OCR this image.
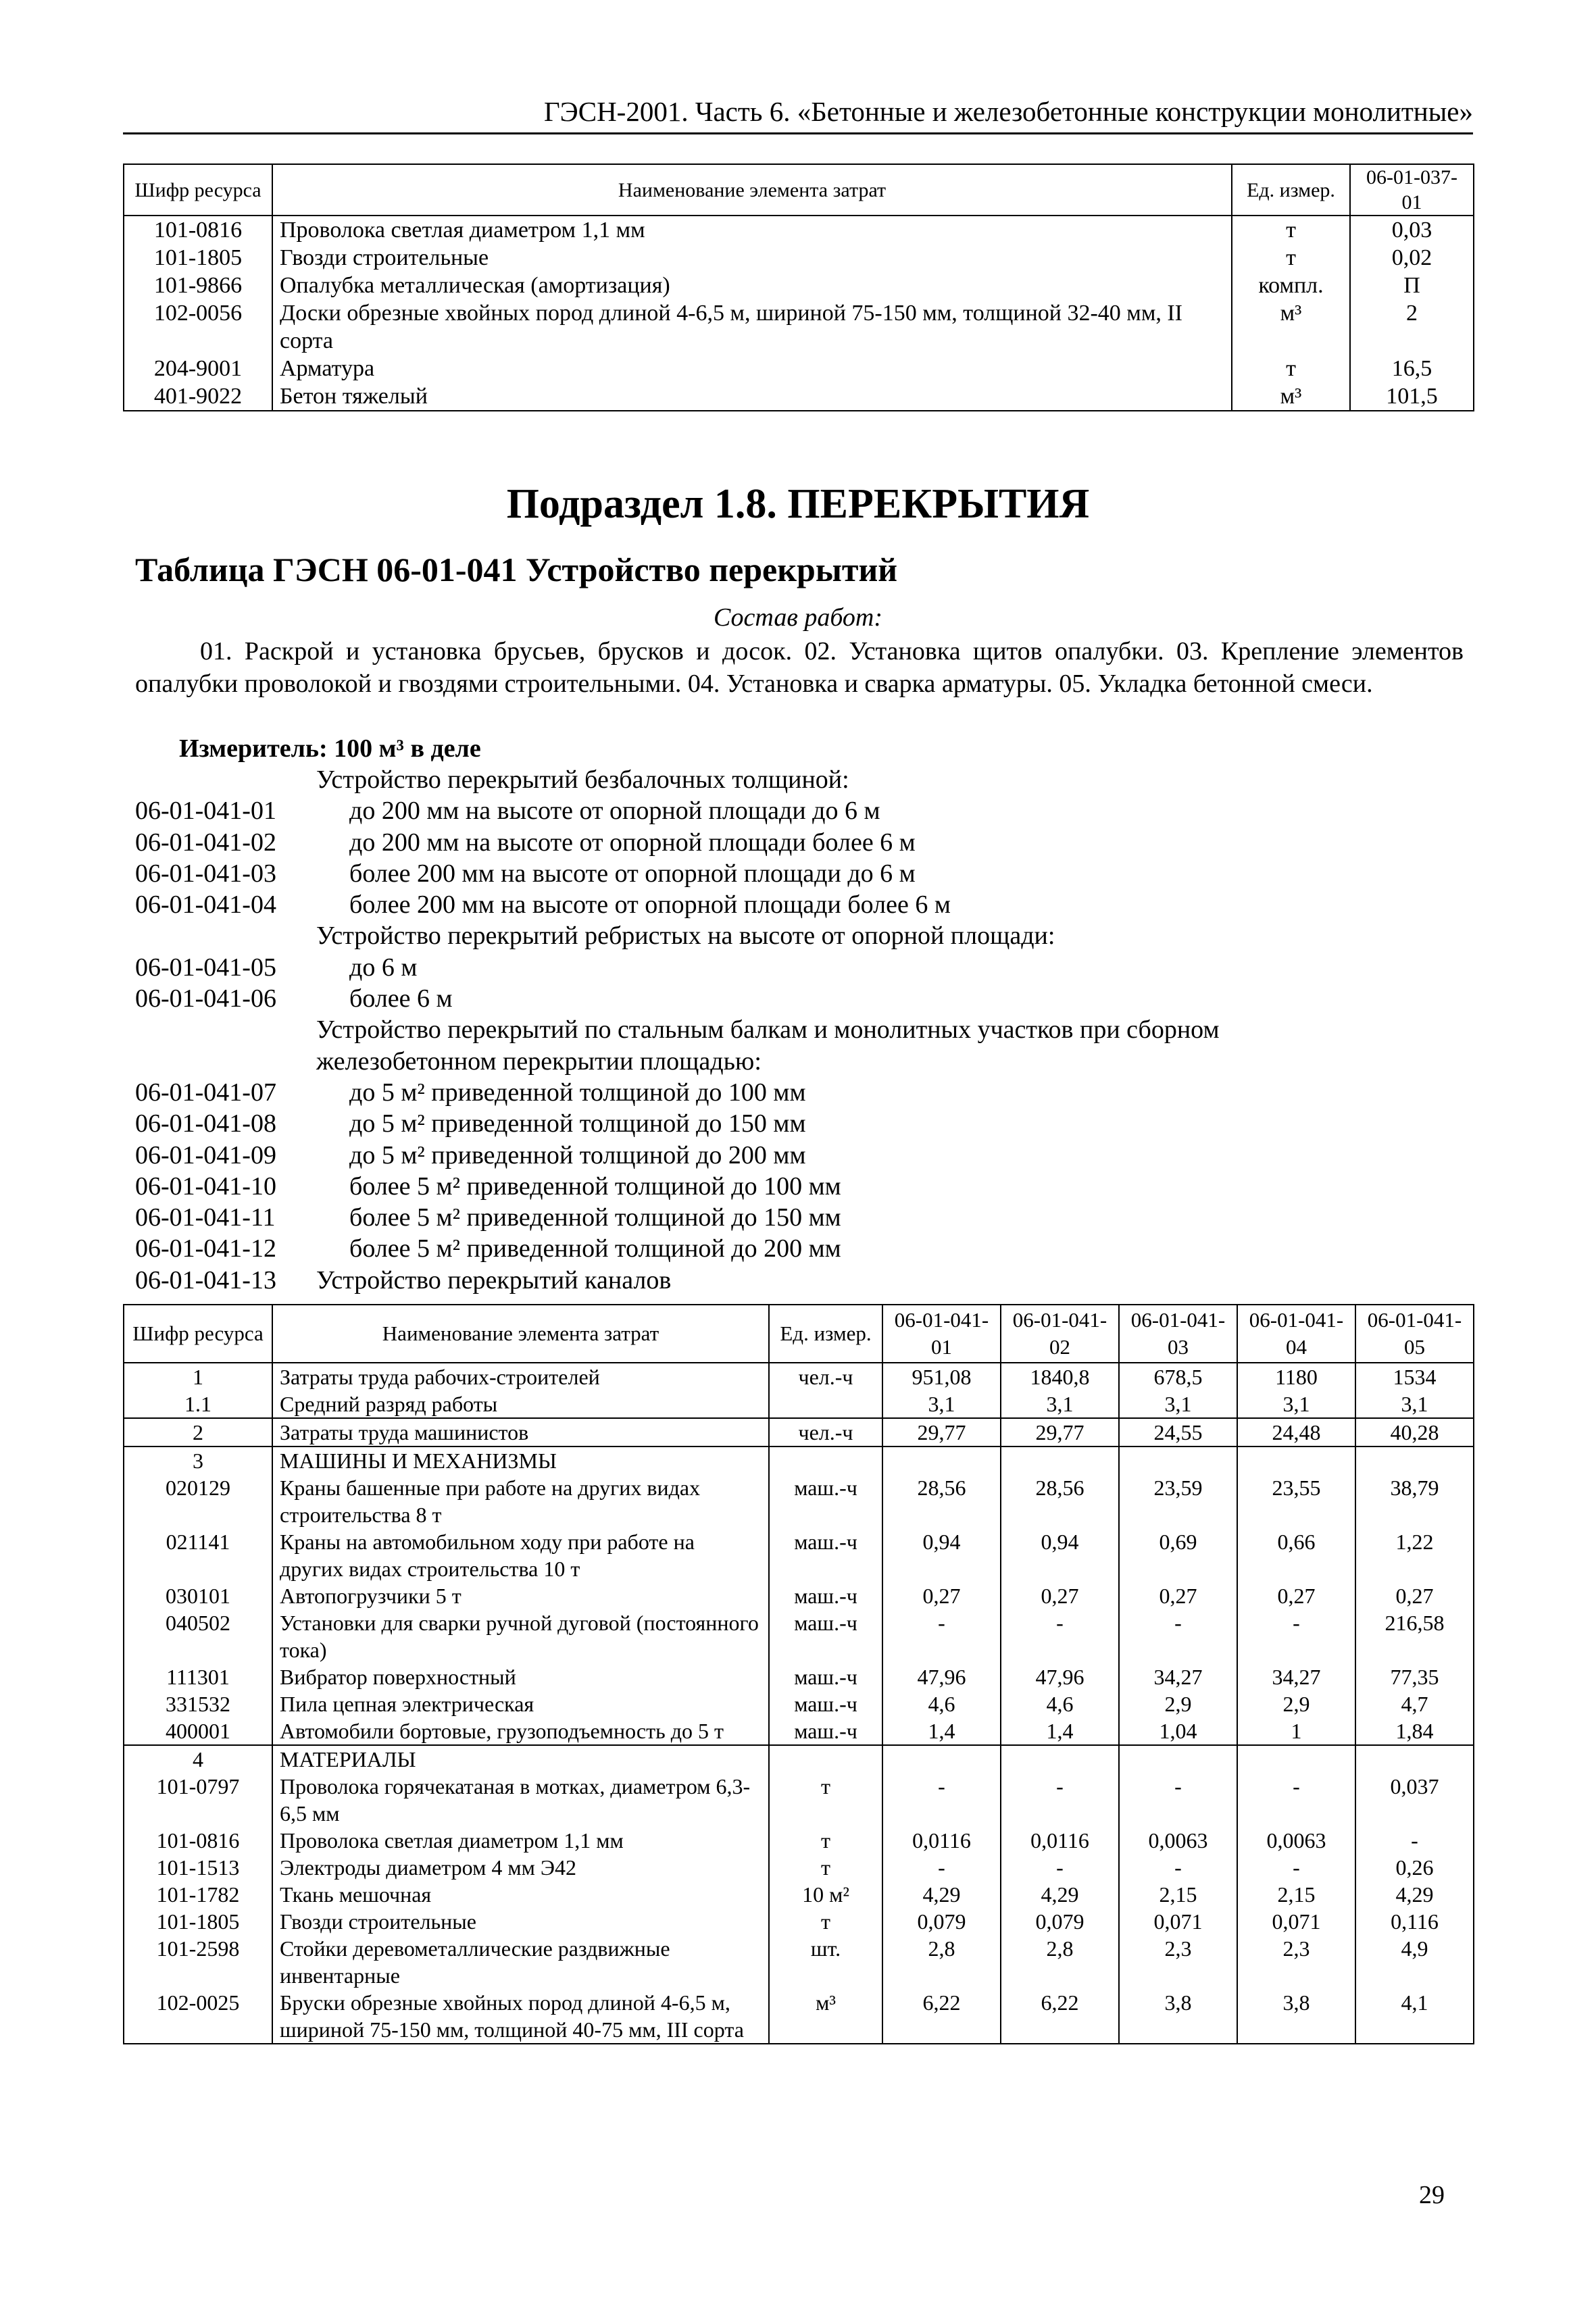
ГЭСН-2001. Часть 6. «Бетонные и железобетонные конструкции монолитные»
Шифр ресурса	Наименование элемента затрат	Ед. измер.	06-01-037-01
101-0816	Проволока светлая диаметром 1,1 мм	т	0,03
101-1805	Гвозди строительные	т	0,02
101-9866	Опалубка металлическая (амортизация)	компл.	П
102-0056	Доски обрезные хвойных пород длиной 4-6,5 м, шириной 75-150 мм, толщиной 32-40 мм, II сорта	м³	2
204-9001	Арматура	т	16,5
401-9022	Бетон тяжелый	м³	101,5
Подраздел 1.8. ПЕРЕКРЫТИЯ
Таблица ГЭСН 06-01-041 Устройство перекрытий
Состав работ:
01. Раскрой и установка брусьев, брусков и досок. 02. Установка щитов опалубки. 03. Крепление элементов опалубки проволокой и гвоздями строительными. 04. Установка и сварка арматуры. 05. Укладка бетонной смеси.
Измеритель: 100 м³ в деле
Устройство перекрытий безбалочных толщиной:
06-01-041-01	до 200 мм на высоте от опорной площади до 6 м
06-01-041-02	до 200 мм на высоте от опорной площади более 6 м
06-01-041-03	более 200 мм на высоте от опорной площади до 6 м
06-01-041-04	более 200 мм на высоте от опорной площади более 6 м
Устройство перекрытий ребристых на высоте от опорной площади:
06-01-041-05	до 6 м
06-01-041-06	более 6 м
Устройство перекрытий по стальным балкам и монолитных участков при сборном
железобетонном перекрытии площадью:
06-01-041-07	до 5 м² приведенной толщиной до 100 мм
06-01-041-08	до 5 м² приведенной толщиной до 150 мм
06-01-041-09	до 5 м² приведенной толщиной до 200 мм
06-01-041-10	более 5 м² приведенной толщиной до 100 мм
06-01-041-11	более 5 м² приведенной толщиной до 150 мм
06-01-041-12	более 5 м² приведенной толщиной до 200 мм
06-01-041-13	Устройство перекрытий каналов
Шифр ресурса	Наименование элемента затрат	Ед. измер.	06-01-041-01	06-01-041-02	06-01-041-03	06-01-041-04	06-01-041-05
1	Затраты труда рабочих-строителей	чел.-ч	951,08	1840,8	678,5	1180	1534
1.1	Средний разряд работы		3,1	3,1	3,1	3,1	3,1
2	Затраты труда машинистов	чел.-ч	29,77	29,77	24,55	24,48	40,28
3	МАШИНЫ И МЕХАНИЗМЫ						
020129	Краны башенные при работе на других видах строительства 8 т	маш.-ч	28,56	28,56	23,59	23,55	38,79
021141	Краны на автомобильном ходу при работе на других видах строительства 10 т	маш.-ч	0,94	0,94	0,69	0,66	1,22
030101	Автопогрузчики 5 т	маш.-ч	0,27	0,27	0,27	0,27	0,27
040502	Установки для сварки ручной дуговой (постоянного тока)	маш.-ч	-	-	-	-	216,58
111301	Вибратор поверхностный	маш.-ч	47,96	47,96	34,27	34,27	77,35
331532	Пила цепная электрическая	маш.-ч	4,6	4,6	2,9	2,9	4,7
400001	Автомобили бортовые, грузоподъемность до 5 т	маш.-ч	1,4	1,4	1,04	1	1,84
4	МАТЕРИАЛЫ						
101-0797	Проволока горячекатаная в мотках, диаметром 6,3-6,5 мм	т	-	-	-	-	0,037
101-0816	Проволока светлая диаметром 1,1 мм	т	0,0116	0,0116	0,0063	0,0063	-
101-1513	Электроды диаметром 4 мм Э42	т	-	-	-	-	0,26
101-1782	Ткань мешочная	10 м²	4,29	4,29	2,15	2,15	4,29
101-1805	Гвозди строительные	т	0,079	0,079	0,071	0,071	0,116
101-2598	Стойки деревометаллические раздвижные инвентарные	шт.	2,8	2,8	2,3	2,3	4,9
102-0025	Бруски обрезные хвойных пород длиной 4-6,5 м, шириной 75-150 мм, толщиной 40-75 мм, III сорта	м³	6,22	6,22	3,8	3,8	4,1
29
